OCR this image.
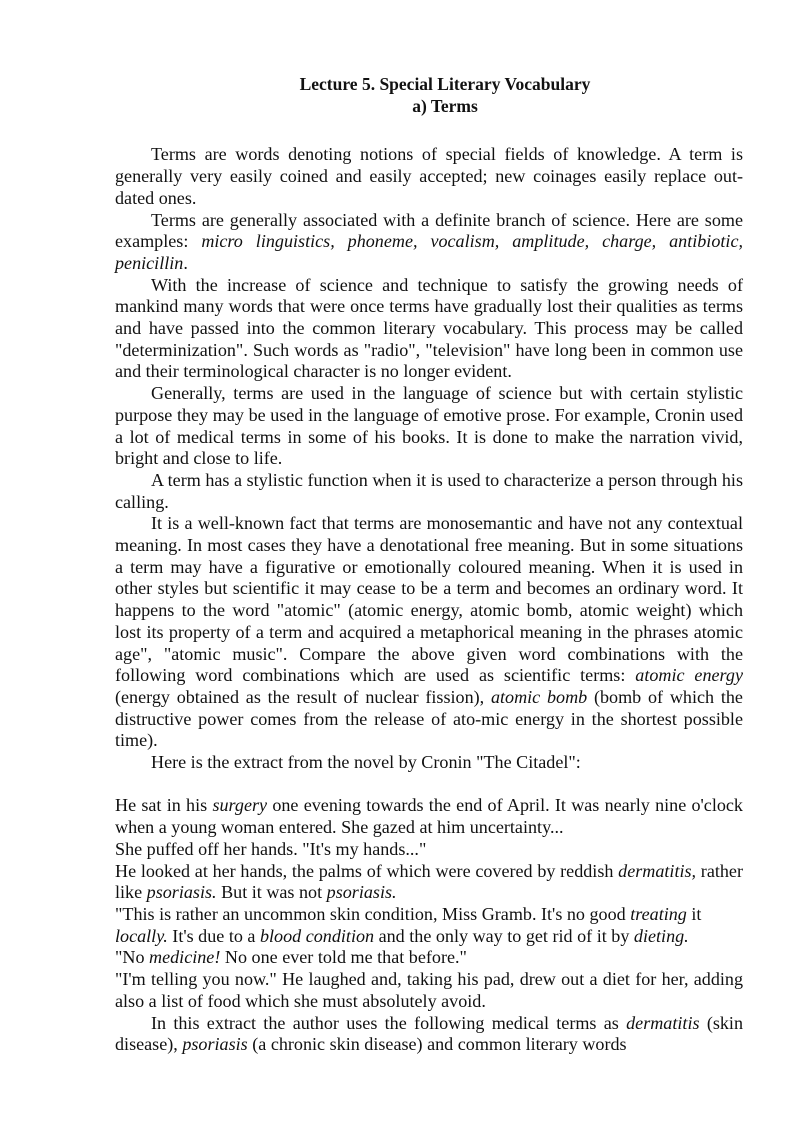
Lecture 5. Special Literary Vocabulary
a) Terms

Terms are words denoting notions of special fields of knowledge. A term is generally very easily coined and easily accepted; new coinages easily replace out-dated ones.

Terms are generally associated with a definite branch of science. Here are some examples: micro linguistics, phoneme, vocalism, amplitude, charge, antibiotic, penicillin.

With the increase of science and technique to satisfy the growing needs of mankind many words that were once terms have gradually lost their qualities as terms and have passed into the common literary vocabulary. This process may be called "determinization". Such words as "radio", "television" have long been in common use and their terminological character is no longer evident.

Generally, terms are used in the language of science but with certain stylistic purpose they may be used in the language of emotive prose. For example, Cronin used a lot of medical terms in some of his books. It is done to make the narration vivid, bright and close to life.

A term has a stylistic function when it is used to characterize a person through his calling.

It is a well-known fact that terms are monosemantic and have not any contextual meaning. In most cases they have a denotational free meaning. But in some situations a term may have a figurative or emotionally coloured meaning. When it is used in other styles but scientific it may cease to be a term and becomes an ordinary word. It happens to the word "atomic" (atomic energy, atomic bomb, atomic weight) which lost its property of a term and acquired a metaphorical meaning in the phrases atomic age", "atomic music". Compare the above given word combinations with the following word combinations which are used as scientific terms: atomic energy (energy obtained as the result of nuclear fission), atomic bomb (bomb of which the distructive power comes from the release of ato-mic energy in the shortest possible time).

Here is the extract from the novel by Cronin "The Citadel":

He sat in his surgery one evening towards the end of April. It was nearly nine o'clock when a young woman entered. She gazed at him uncertainty...

She puffed off her hands. "It's my hands..."

He looked at her hands, the palms of which were covered by reddish dermatitis, rather like psoriasis. But it was not psoriasis.

"This is rather an uncommon skin condition, Miss Gramb. It's no good treating it locally. It's due to a blood condition and the only way to get rid of it by dieting.

"No medicine! No one ever told me that before."

"I'm telling you now." He laughed and, taking his pad, drew out a diet for her, adding also a list of food which she must absolutely avoid.

In this extract the author uses the following medical terms as dermatitis (skin disease), psoriasis (a chronic skin disease) and common literary words
